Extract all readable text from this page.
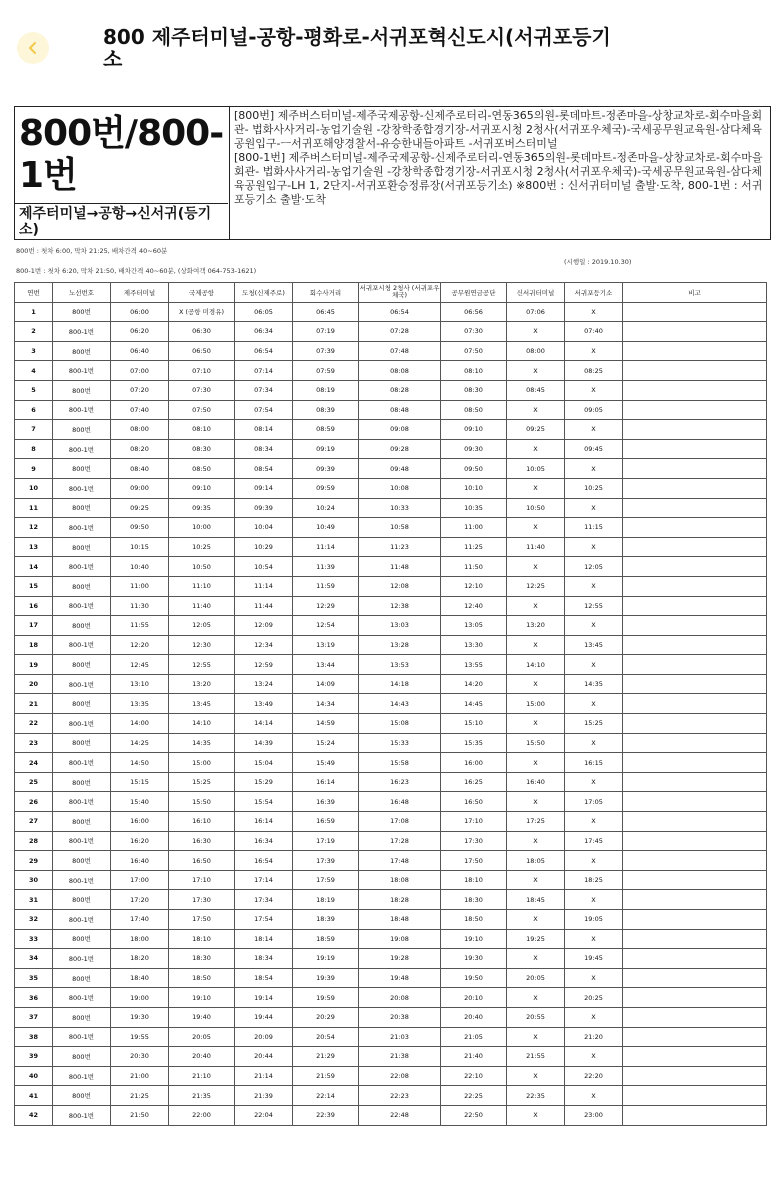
800 제주터미널-공항-평화로-서귀포혁신도시(서귀포등기소
800번/800-1번
제주터미널→공항→신서귀(등기소)

[800번] 제주버스터미널-제주국제공항-신제주로터리-연동365의원-롯데마트-정존마을-상창교차로-회수마을회관- 법화사사거리-농업기술원 -강창학종합경기장-서귀포시청 2청사(서귀포우체국)-국세공무원교육원-삼다체육공원입구-ㅡ서귀포해양경찰서-유승한내들아파트 -서귀포버스터미널

[800-1번] 제주버스터미널-제주국제공항-신제주로터리-연동365의원-롯데마트-정존마을-상창교차로-회수마을회관- 법화사사거리-농업기술원 -강창학종합경기장-서귀포시청 2청사(서귀포우체국)-국세공무원교육원-삼다체육공원입구-LH 1, 2단지-서귀포환승정류장(서귀포등기소) ※800번 : 신서귀터미널 출발·도착, 800-1번 : 서귀포등기소 출발·도착

800번 : 첫차 6:00, 막차 21:25, 배차간격 40~60분
(시행일 : 2019.10.30)
800-1번 : 첫차 6:20, 막차 21:50, 배차간격 40~60분, (상화여객 064-753-1621)
연번	노선번호	제주터미널	국제공항	도청(신제주로)	회수사거리	서귀포시청 2청사 (서귀포우체국)	공무원연금공단	신서귀터미널	서귀포등기소	비고
1	800번	06:00	X (공항 미경유)	06:05	06:45	06:54	06:56	07:06	X	
2	800-1번	06:20	06:30	06:34	07:19	07:28	07:30	X	07:40	
3	800번	06:40	06:50	06:54	07:39	07:48	07:50	08:00	X	
4	800-1번	07:00	07:10	07:14	07:59	08:08	08:10	X	08:25	
5	800번	07:20	07:30	07:34	08:19	08:28	08:30	08:45	X	
6	800-1번	07:40	07:50	07:54	08:39	08:48	08:50	X	09:05	
7	800번	08:00	08:10	08:14	08:59	09:08	09:10	09:25	X	
8	800-1번	08:20	08:30	08:34	09:19	09:28	09:30	X	09:45	
9	800번	08:40	08:50	08:54	09:39	09:48	09:50	10:05	X	
10	800-1번	09:00	09:10	09:14	09:59	10:08	10:10	X	10:25	
11	800번	09:25	09:35	09:39	10:24	10:33	10:35	10:50	X	
12	800-1번	09:50	10:00	10:04	10:49	10:58	11:00	X	11:15	
13	800번	10:15	10:25	10:29	11:14	11:23	11:25	11:40	X	
14	800-1번	10:40	10:50	10:54	11:39	11:48	11:50	X	12:05	
15	800번	11:00	11:10	11:14	11:59	12:08	12:10	12:25	X	
16	800-1번	11:30	11:40	11:44	12:29	12:38	12:40	X	12:55	
17	800번	11:55	12:05	12:09	12:54	13:03	13:05	13:20	X	
18	800-1번	12:20	12:30	12:34	13:19	13:28	13:30	X	13:45	
19	800번	12:45	12:55	12:59	13:44	13:53	13:55	14:10	X	
20	800-1번	13:10	13:20	13:24	14:09	14:18	14:20	X	14:35	
21	800번	13:35	13:45	13:49	14:34	14:43	14:45	15:00	X	
22	800-1번	14:00	14:10	14:14	14:59	15:08	15:10	X	15:25	
23	800번	14:25	14:35	14:39	15:24	15:33	15:35	15:50	X	
24	800-1번	14:50	15:00	15:04	15:49	15:58	16:00	X	16:15	
25	800번	15:15	15:25	15:29	16:14	16:23	16:25	16:40	X	
26	800-1번	15:40	15:50	15:54	16:39	16:48	16:50	X	17:05	
27	800번	16:00	16:10	16:14	16:59	17:08	17:10	17:25	X	
28	800-1번	16:20	16:30	16:34	17:19	17:28	17:30	X	17:45	
29	800번	16:40	16:50	16:54	17:39	17:48	17:50	18:05	X	
30	800-1번	17:00	17:10	17:14	17:59	18:08	18:10	X	18:25	
31	800번	17:20	17:30	17:34	18:19	18:28	18:30	18:45	X	
32	800-1번	17:40	17:50	17:54	18:39	18:48	18:50	X	19:05	
33	800번	18:00	18:10	18:14	18:59	19:08	19:10	19:25	X	
34	800-1번	18:20	18:30	18:34	19:19	19:28	19:30	X	19:45	
35	800번	18:40	18:50	18:54	19:39	19:48	19:50	20:05	X	
36	800-1번	19:00	19:10	19:14	19:59	20:08	20:10	X	20:25	
37	800번	19:30	19:40	19:44	20:29	20:38	20:40	20:55	X	
38	800-1번	19:55	20:05	20:09	20:54	21:03	21:05	X	21:20	
39	800번	20:30	20:40	20:44	21:29	21:38	21:40	21:55	X	
40	800-1번	21:00	21:10	21:14	21:59	22:08	22:10	X	22:20	
41	800번	21:25	21:35	21:39	22:14	22:23	22:25	22:35	X	
42	800-1번	21:50	22:00	22:04	22:39	22:48	22:50	X	23:00	
